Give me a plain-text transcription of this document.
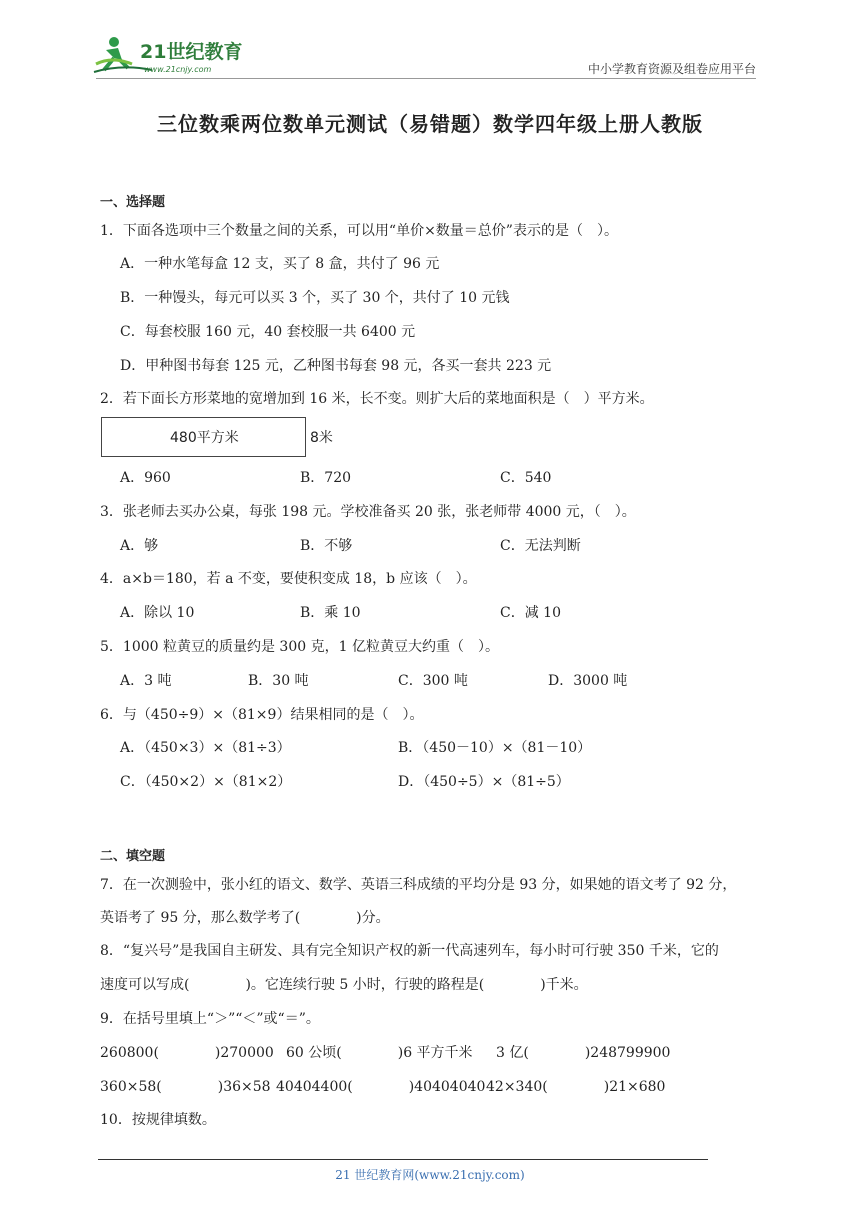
21世纪教育
www.21cnjy.com	中小学教育资源及组卷应用平台
三位数乘两位数单元测试（易错题）数学四年级上册人教版
一、选择题
1．下面各选项中三个数量之间的关系，可以用“单价×数量＝总价”表示的是（　）。
A．一种水笔每盒 12 支，买了 8 盒，共付了 96 元
B．一种馒头，每元可以买 3 个，买了 30 个，共付了 10 元钱
C．每套校服 160 元，40 套校服一共 6400 元
D．甲种图书每套 125 元，乙种图书每套 98 元，各买一套共 223 元
2．若下面长方形菜地的宽增加到 16 米，长不变。则扩大后的菜地面积是（　）平方米。
480平方米	8米
A．960	B．720	C．540
3．张老师去买办公桌，每张 198 元。学校准备买 20 张，张老师带 4000 元，（　）。
A．够	B．不够	C．无法判断
4．a×b＝180，若 a 不变，要使积变成 18，b 应该（　）。
A．除以 10	B．乘 10	C．减 10
5．1000 粒黄豆的质量约是 300 克，1 亿粒黄豆大约重（　）。
A．3 吨	B．30 吨	C．300 吨	D．3000 吨
6．与（450÷9）×（81×9）结果相同的是（　）。
A．（450×3）×（81÷3）	B．（450－10）×（81－10）
C．（450×2）×（81×2）	D．（450÷5）×（81÷5）
二、填空题
7．在一次测验中，张小红的语文、数学、英语三科成绩的平均分是 93 分，如果她的语文考了 92 分，
英语考了 95 分，那么数学考了(　　　　)分。
8．“复兴号”是我国自主研发、具有完全知识产权的新一代高速列车，每小时可行驶 350 千米，它的
速度可以写成(　　　　)。它连续行驶 5 小时，行驶的路程是(　　　　)千米。
9．在括号里填上“＞”“＜”或“＝”。
260800(　　　　)270000 60 公顷(　　　　)6 平方千米 3 亿(　　　　)248799900
360×58(　　　　)36×58 40404400(　　　　)40404040 42×340(　　　　)21×680
10．按规律填数。
21 世纪教育网(www.21cnjy.com)
